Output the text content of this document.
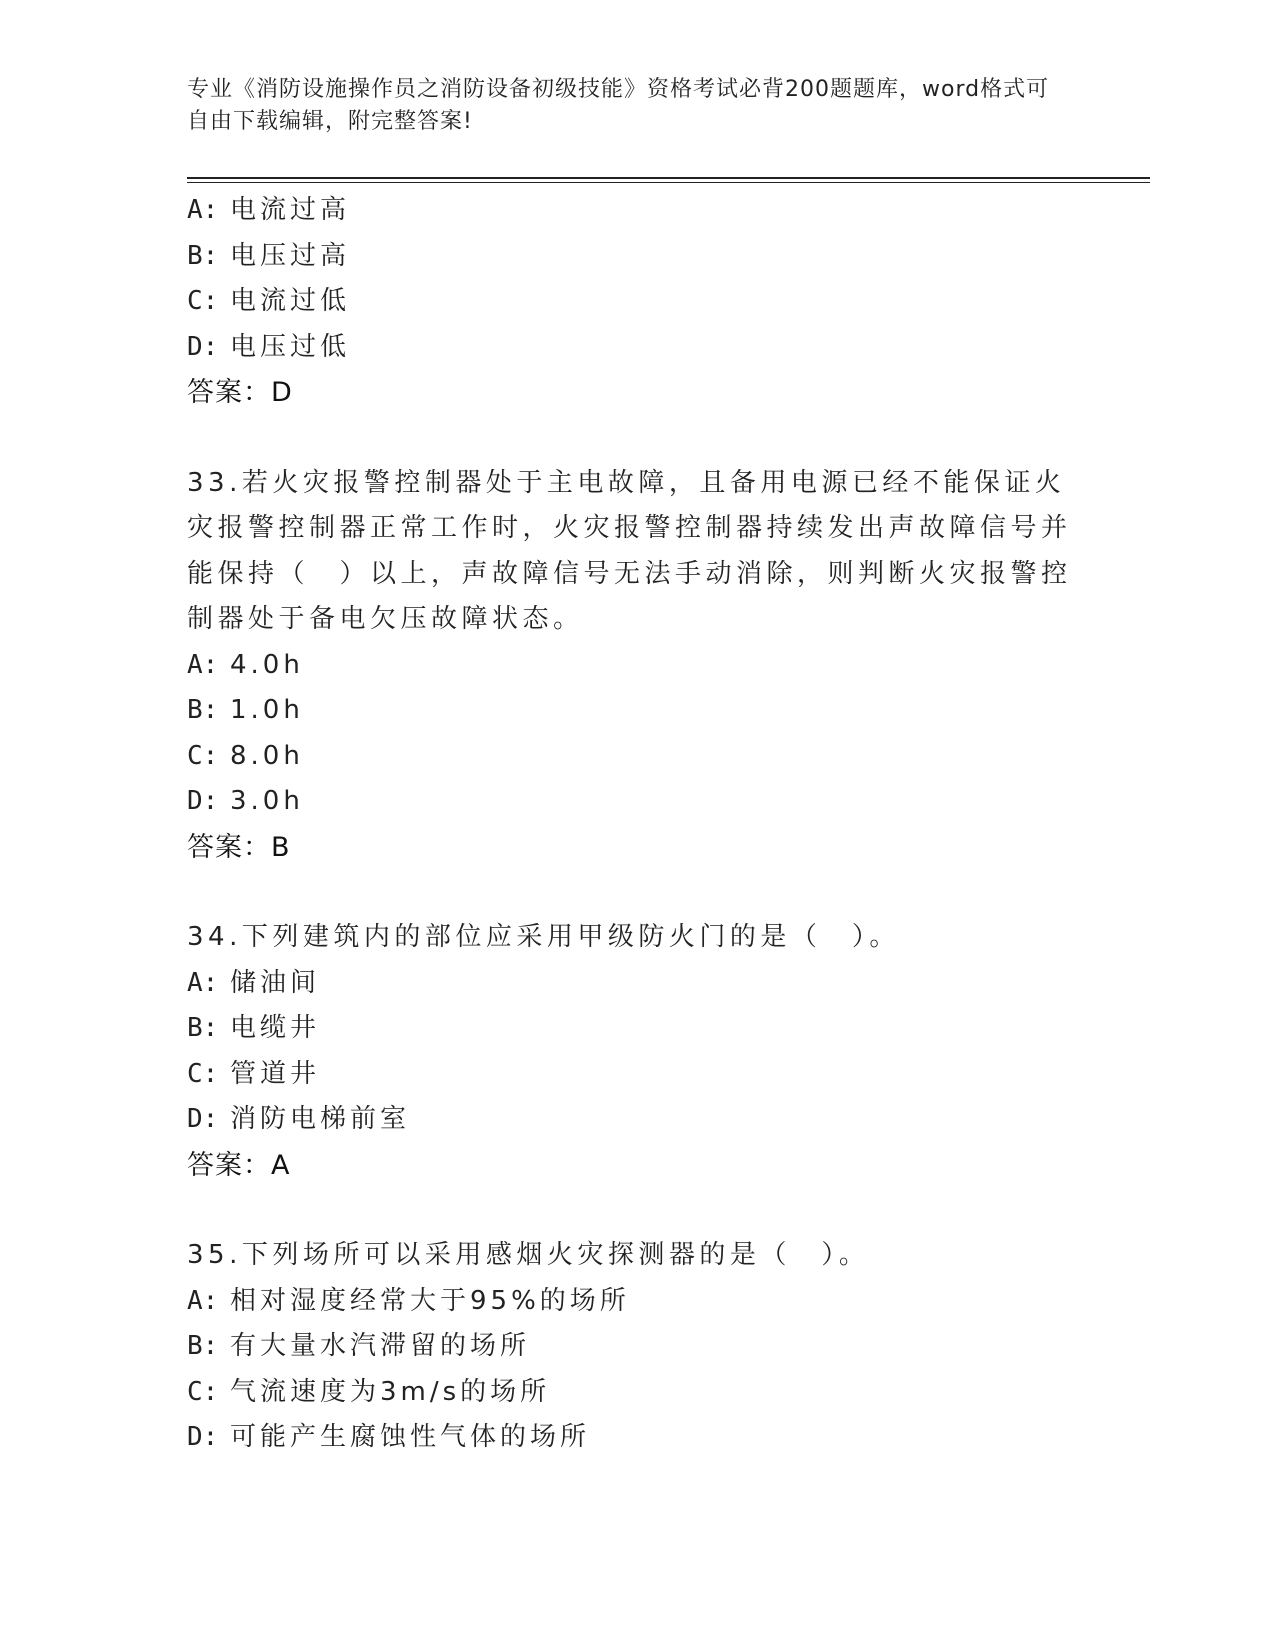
专业《消防设施操作员之消防设备初级技能》资格考试必背200题题库，word格式可自由下载编辑，附完整答案!
A: 电流过高
B: 电压过高
C: 电流过低
D: 电压过低
答案：D
33.若火灾报警控制器处于主电故障，且备用电源已经不能保证火灾报警控制器正常工作时，火灾报警控制器持续发出声故障信号并能保持（　）以上，声故障信号无法手动消除，则判断火灾报警控制器处于备电欠压故障状态。
A: 4.0h
B: 1.0h
C: 8.0h
D: 3.0h
答案：B
34.下列建筑内的部位应采用甲级防火门的是（　）。
A: 储油间
B: 电缆井
C: 管道井
D: 消防电梯前室
答案：A
35.下列场所可以采用感烟火灾探测器的是（　）。
A: 相对湿度经常大于95%的场所
B: 有大量水汽滞留的场所
C: 气流速度为3m/s的场所
D: 可能产生腐蚀性气体的场所
